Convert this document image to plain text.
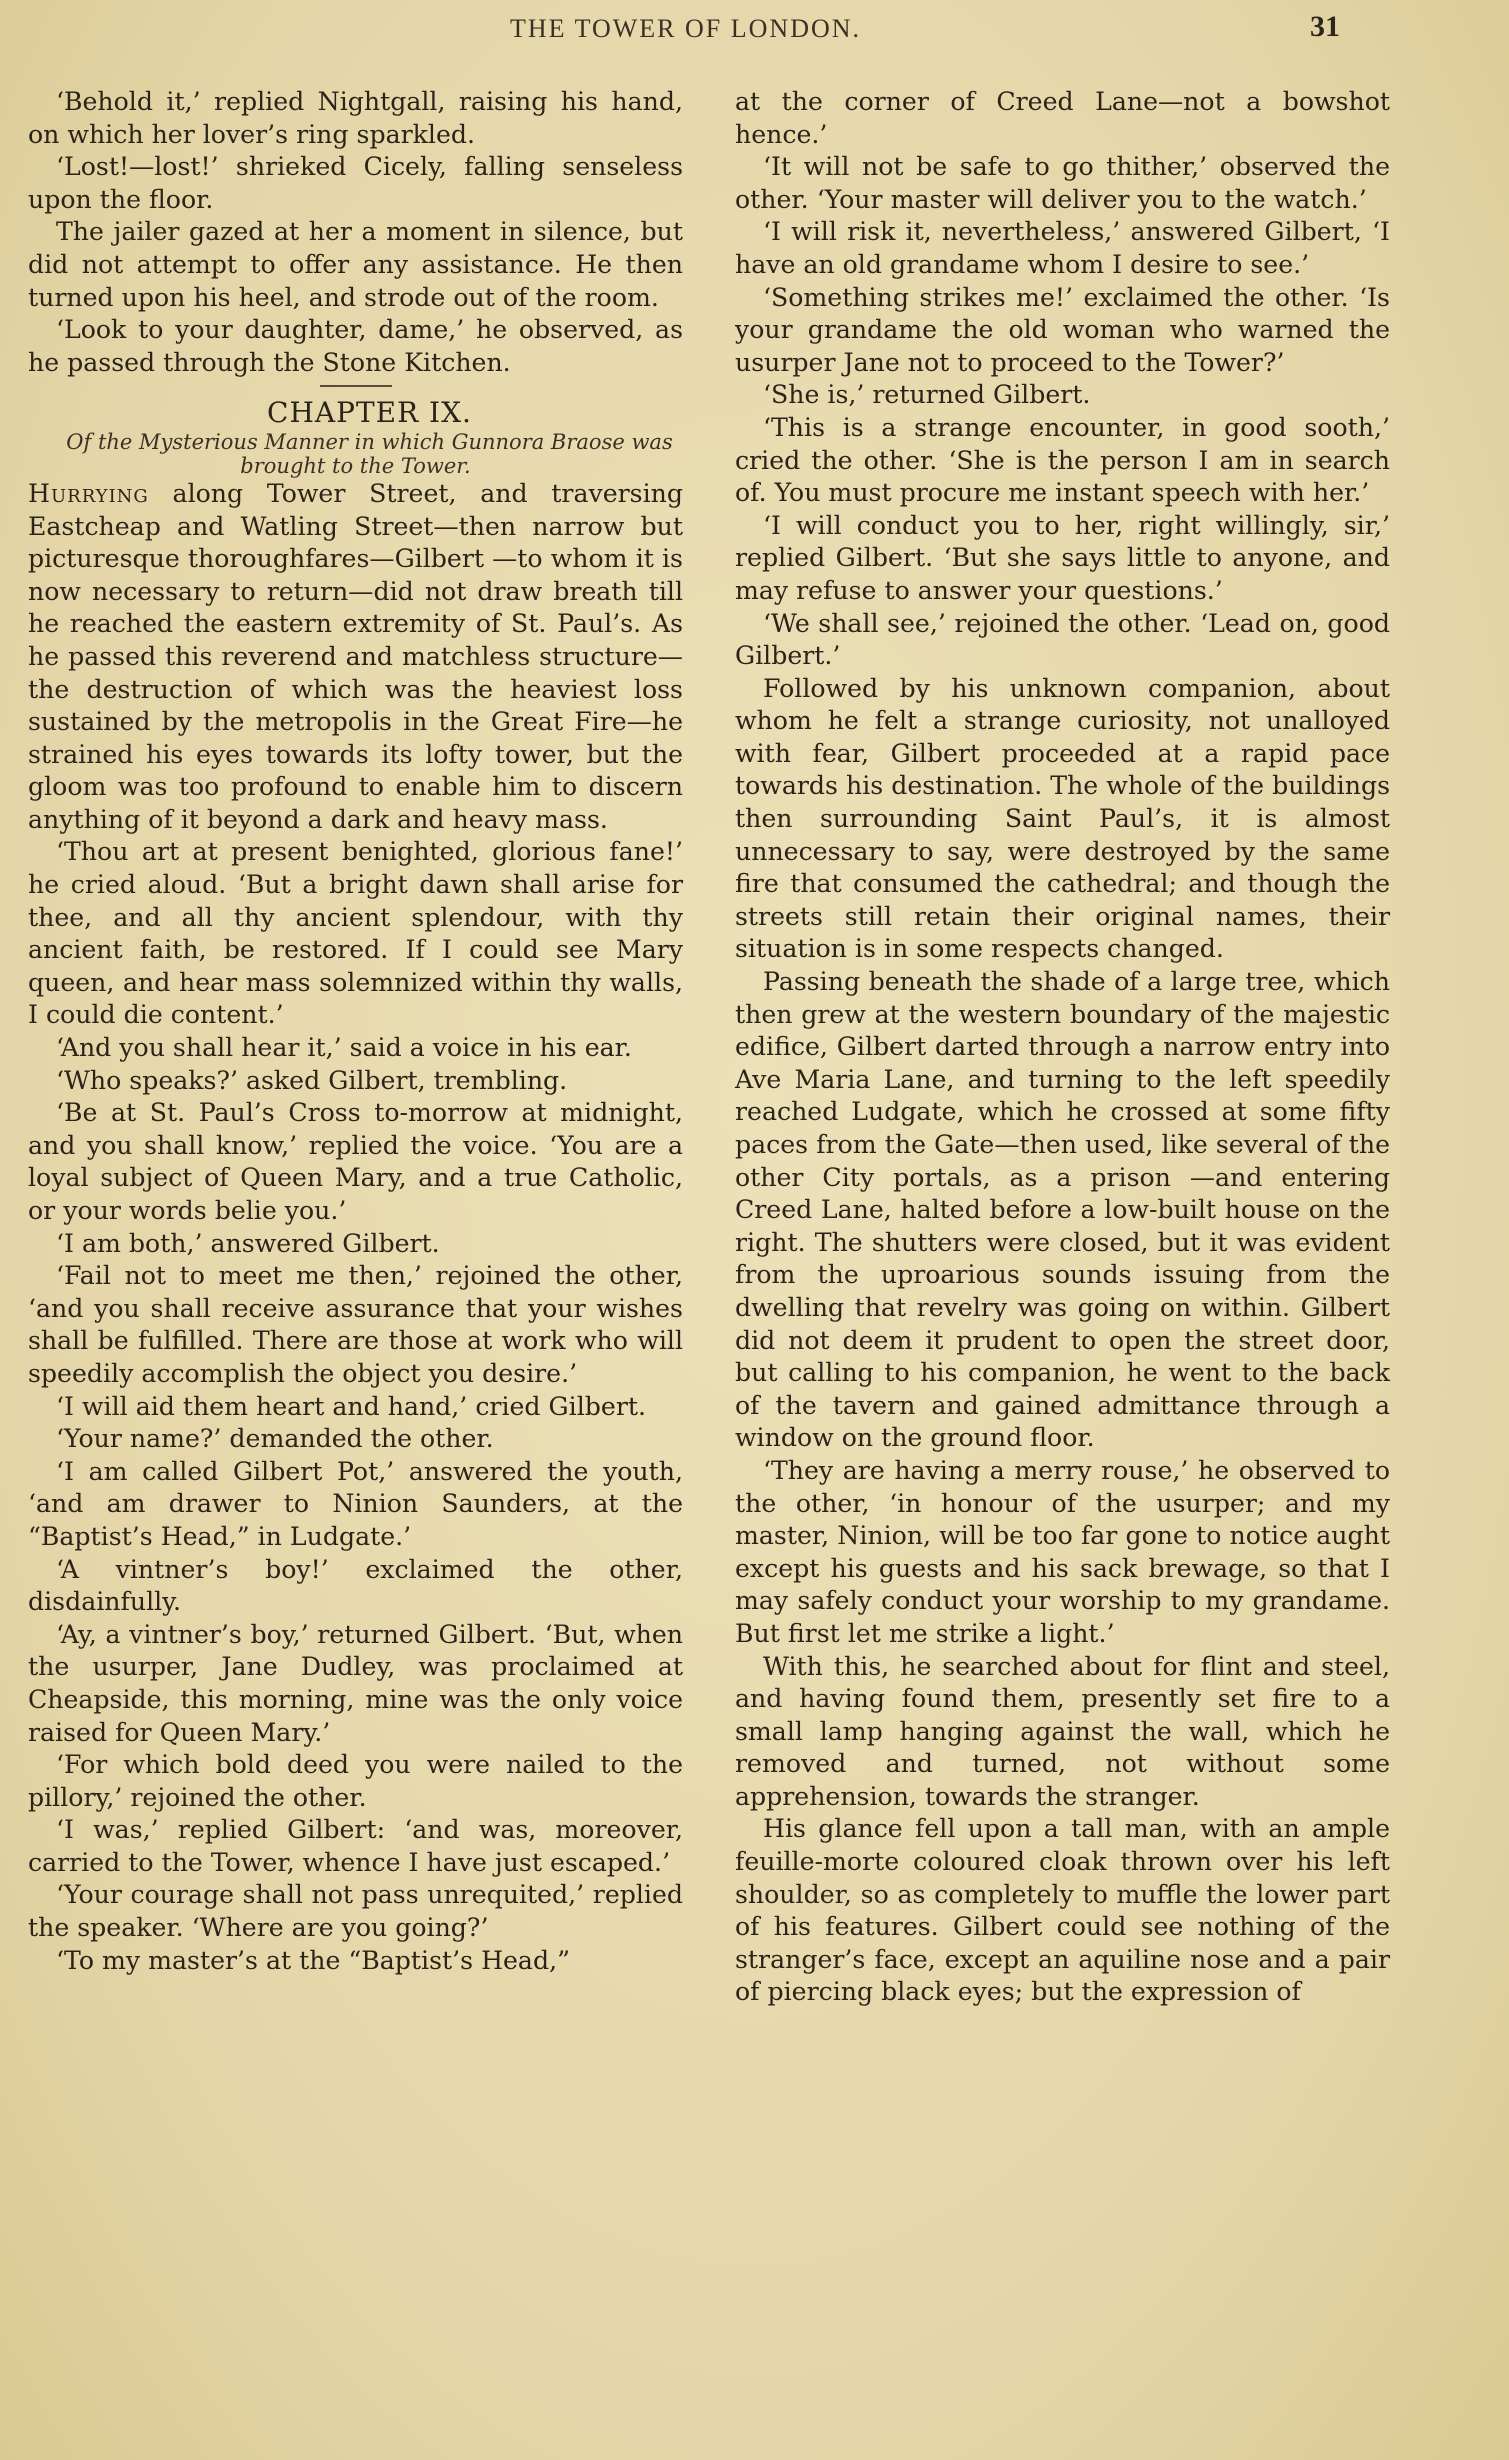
THE TOWER OF LONDON.	31

‘Behold it,’ replied Nightgall, raising his hand, on which her lover’s ring sparkled.

‘Lost!—lost!’ shrieked Cicely, falling senseless upon the floor.

The jailer gazed at her a moment in silence, but did not attempt to offer any assistance. He then turned upon his heel, and strode out of the room.

‘Look to your daughter, dame,’ he observed, as he passed through the Stone Kitchen.

CHAPTER IX.

Of the Mysterious Manner in which Gunnora Braose was brought to the Tower.

Hurrying along Tower Street, and traversing Eastcheap and Watling Street—then narrow but picturesque thoroughfares—Gilbert —to whom it is now necessary to return—did not draw breath till he reached the eastern extremity of St. Paul’s. As he passed this reverend and matchless structure—the destruction of which was the heaviest loss sustained by the metropolis in the Great Fire—he strained his eyes towards its lofty tower, but the gloom was too profound to enable him to discern anything of it beyond a dark and heavy mass.

‘Thou art at present benighted, glorious fane!’ he cried aloud. ‘But a bright dawn shall arise for thee, and all thy ancient splendour, with thy ancient faith, be restored. If I could see Mary queen, and hear mass solemnized within thy walls, I could die content.’

‘And you shall hear it,’ said a voice in his ear.

‘Who speaks?’ asked Gilbert, trembling.

‘Be at St. Paul’s Cross to-morrow at midnight, and you shall know,’ replied the voice. ‘You are a loyal subject of Queen Mary, and a true Catholic, or your words belie you.’

‘I am both,’ answered Gilbert.

‘Fail not to meet me then,’ rejoined the other, ‘and you shall receive assurance that your wishes shall be fulfilled. There are those at work who will speedily accomplish the object you desire.’

‘I will aid them heart and hand,’ cried Gilbert.

‘Your name?’ demanded the other.

‘I am called Gilbert Pot,’ answered the youth, ‘and am drawer to Ninion Saunders, at the “Baptist’s Head,” in Ludgate.’

‘A vintner’s boy!’ exclaimed the other, disdainfully.

‘Ay, a vintner’s boy,’ returned Gilbert. ‘But, when the usurper, Jane Dudley, was proclaimed at Cheapside, this morning, mine was the only voice raised for Queen Mary.’

‘For which bold deed you were nailed to the pillory,’ rejoined the other.

‘I was,’ replied Gilbert: ‘and was, moreover, carried to the Tower, whence I have just escaped.’

‘Your courage shall not pass unrequited,’ replied the speaker. ‘Where are you going?’

‘To my master’s at the “Baptist’s Head,”

at the corner of Creed Lane—not a bowshot hence.’

‘It will not be safe to go thither,’ observed the other. ‘Your master will deliver you to the watch.’

‘I will risk it, nevertheless,’ answered Gilbert, ‘I have an old grandame whom I desire to see.’

‘Something strikes me!’ exclaimed the other. ‘Is your grandame the old woman who warned the usurper Jane not to proceed to the Tower?’

‘She is,’ returned Gilbert.

‘This is a strange encounter, in good sooth,’ cried the other. ‘She is the person I am in search of. You must procure me instant speech with her.’

‘I will conduct you to her, right willingly, sir,’ replied Gilbert. ‘But she says little to anyone, and may refuse to answer your questions.’

‘We shall see,’ rejoined the other. ‘Lead on, good Gilbert.’

Followed by his unknown companion, about whom he felt a strange curiosity, not unalloyed with fear, Gilbert proceeded at a rapid pace towards his destination. The whole of the buildings then surrounding Saint Paul’s, it is almost unnecessary to say, were destroyed by the same fire that consumed the cathedral; and though the streets still retain their original names, their situation is in some respects changed.

Passing beneath the shade of a large tree, which then grew at the western boundary of the majestic edifice, Gilbert darted through a narrow entry into Ave Maria Lane, and turning to the left speedily reached Ludgate, which he crossed at some fifty paces from the Gate—then used, like several of the other City portals, as a prison —and entering Creed Lane, halted before a low-built house on the right. The shutters were closed, but it was evident from the uproarious sounds issuing from the dwelling that revelry was going on within. Gilbert did not deem it prudent to open the street door, but calling to his companion, he went to the back of the tavern and gained admittance through a window on the ground floor.

‘They are having a merry rouse,’ he observed to the other, ‘in honour of the usurper; and my master, Ninion, will be too far gone to notice aught except his guests and his sack brewage, so that I may safely conduct your worship to my grandame. But first let me strike a light.’

With this, he searched about for flint and steel, and having found them, presently set fire to a small lamp hanging against the wall, which he removed and turned, not without some apprehension, towards the stranger.

His glance fell upon a tall man, with an ample feuille-morte coloured cloak thrown over his left shoulder, so as completely to muffle the lower part of his features. Gilbert could see nothing of the stranger’s face, except an aquiline nose and a pair of piercing black eyes; but the expression of
